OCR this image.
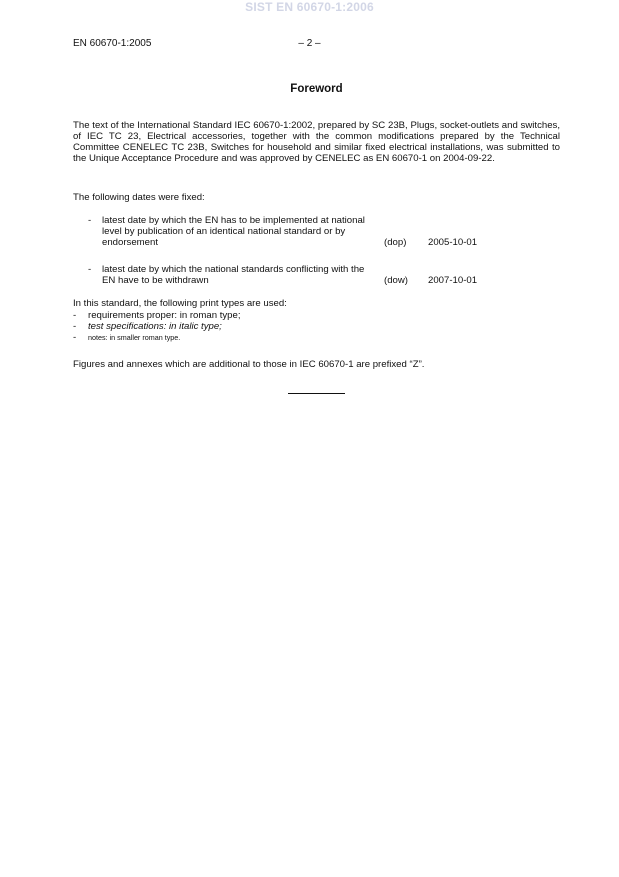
SIST EN 60670-1:2006
EN 60670-1:2005	– 2 –
Foreword
The text of the International Standard IEC 60670-1:2002, prepared by SC 23B, Plugs, socket-outlets and switches, of IEC TC 23, Electrical accessories, together with the common modifications prepared by the Technical Committee CENELEC TC 23B, Switches for household and similar fixed electrical installations, was submitted to the Unique Acceptance Procedure and was approved by CENELEC as EN 60670-1 on 2004-09-22.
The following dates were fixed:
- latest date by which the EN has to be implemented at national level by publication of an identical national standard or by endorsement	(dop) 2005-10-01
- latest date by which the national standards conflicting with the EN have to be withdrawn	(dow) 2007-10-01
In this standard, the following print types are used:
- requirements proper: in roman type;
- test specifications: in italic type;
- notes: in smaller roman type.
Figures and annexes which are additional to those in IEC 60670-1 are prefixed “Z”.
